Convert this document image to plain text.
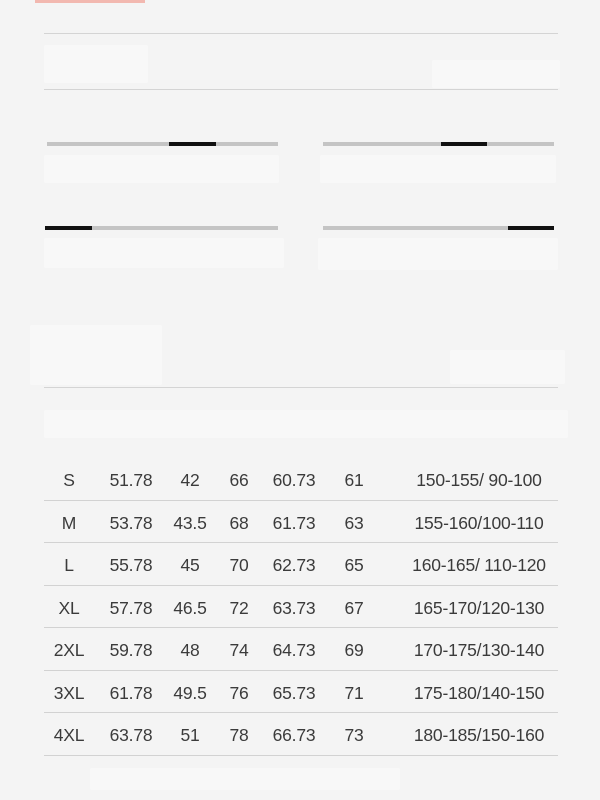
S	51.78	42	66	60.73	61	150-155/ 90-100
M	53.78	43.5	68	61.73	63	155-160/100-110
L	55.78	45	70	62.73	65	160-165/ 110-120
XL	57.78	46.5	72	63.73	67	165-170/120-130
2XL	59.78	48	74	64.73	69	170-175/130-140
3XL	61.78	49.5	76	65.73	71	175-180/140-150
4XL	63.78	51	78	66.73	73	180-185/150-160
